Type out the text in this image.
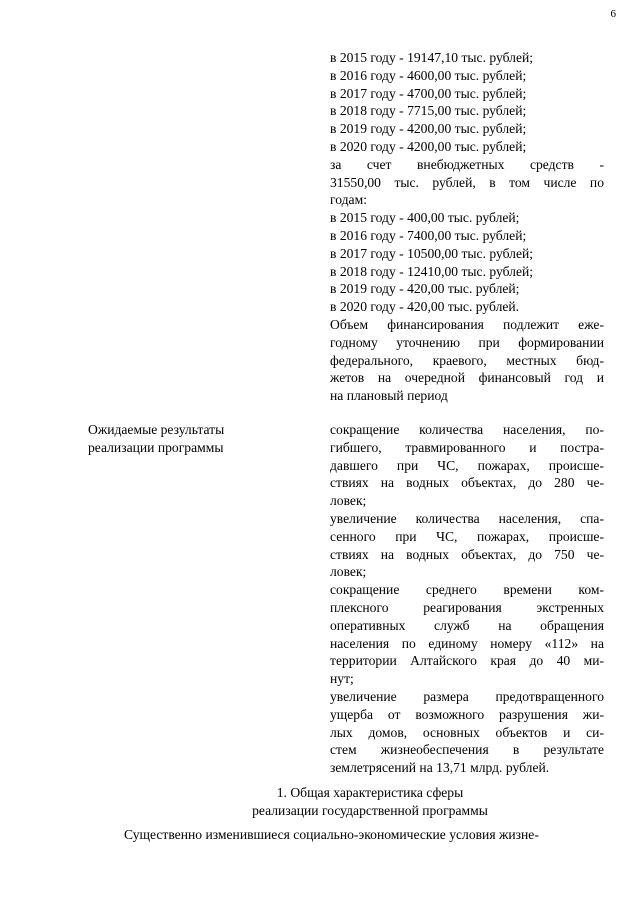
6
в 2015 году - 19147,10 тыс. рублей;
в 2016 году - 4600,00 тыс. рублей;
в 2017 году - 4700,00 тыс. рублей;
в 2018 году - 7715,00 тыс. рублей;
в 2019 году - 4200,00 тыс. рублей;
в 2020 году - 4200,00 тыс. рублей;
за счет внебюджетных средств -
31550,00 тыс. рублей, в том числе по
годам:
в 2015 году - 400,00 тыс. рублей;
в 2016 году - 7400,00 тыс. рублей;
в 2017 году - 10500,00 тыс. рублей;
в 2018 году - 12410,00 тыс. рублей;
в 2019 году - 420,00 тыс. рублей;
в 2020 году - 420,00 тыс. рублей.
Объем финансирования подлежит еже-
годному уточнению при формировании
федерального, краевого, местных бюд-
жетов на очередной финансовый год и
на плановый период
Ожидаемые результаты
реализации программы
сокращение количества населения, по-
гибшего, травмированного и постра-
давшего при ЧС, пожарах, происше-
ствиях на водных объектах, до 280 че-
ловек;
увеличение количества населения, спа-
сенного при ЧС, пожарах, происше-
ствиях на водных объектах, до 750 че-
ловек;
сокращение среднего времени ком-
плексного реагирования экстренных
оперативных служб на обращения
населения по единому номеру «112» на
территории Алтайского края до 40 ми-
нут;
увеличение размера предотвращенного
ущерба от возможного разрушения жи-
лых домов, основных объектов и си-
стем жизнеобеспечения в результате
землетрясений на 13,71 млрд. рублей.
1. Общая характеристика сферы
реализации государственной программы
Существенно изменившиеся социально-экономические условия жизне-
